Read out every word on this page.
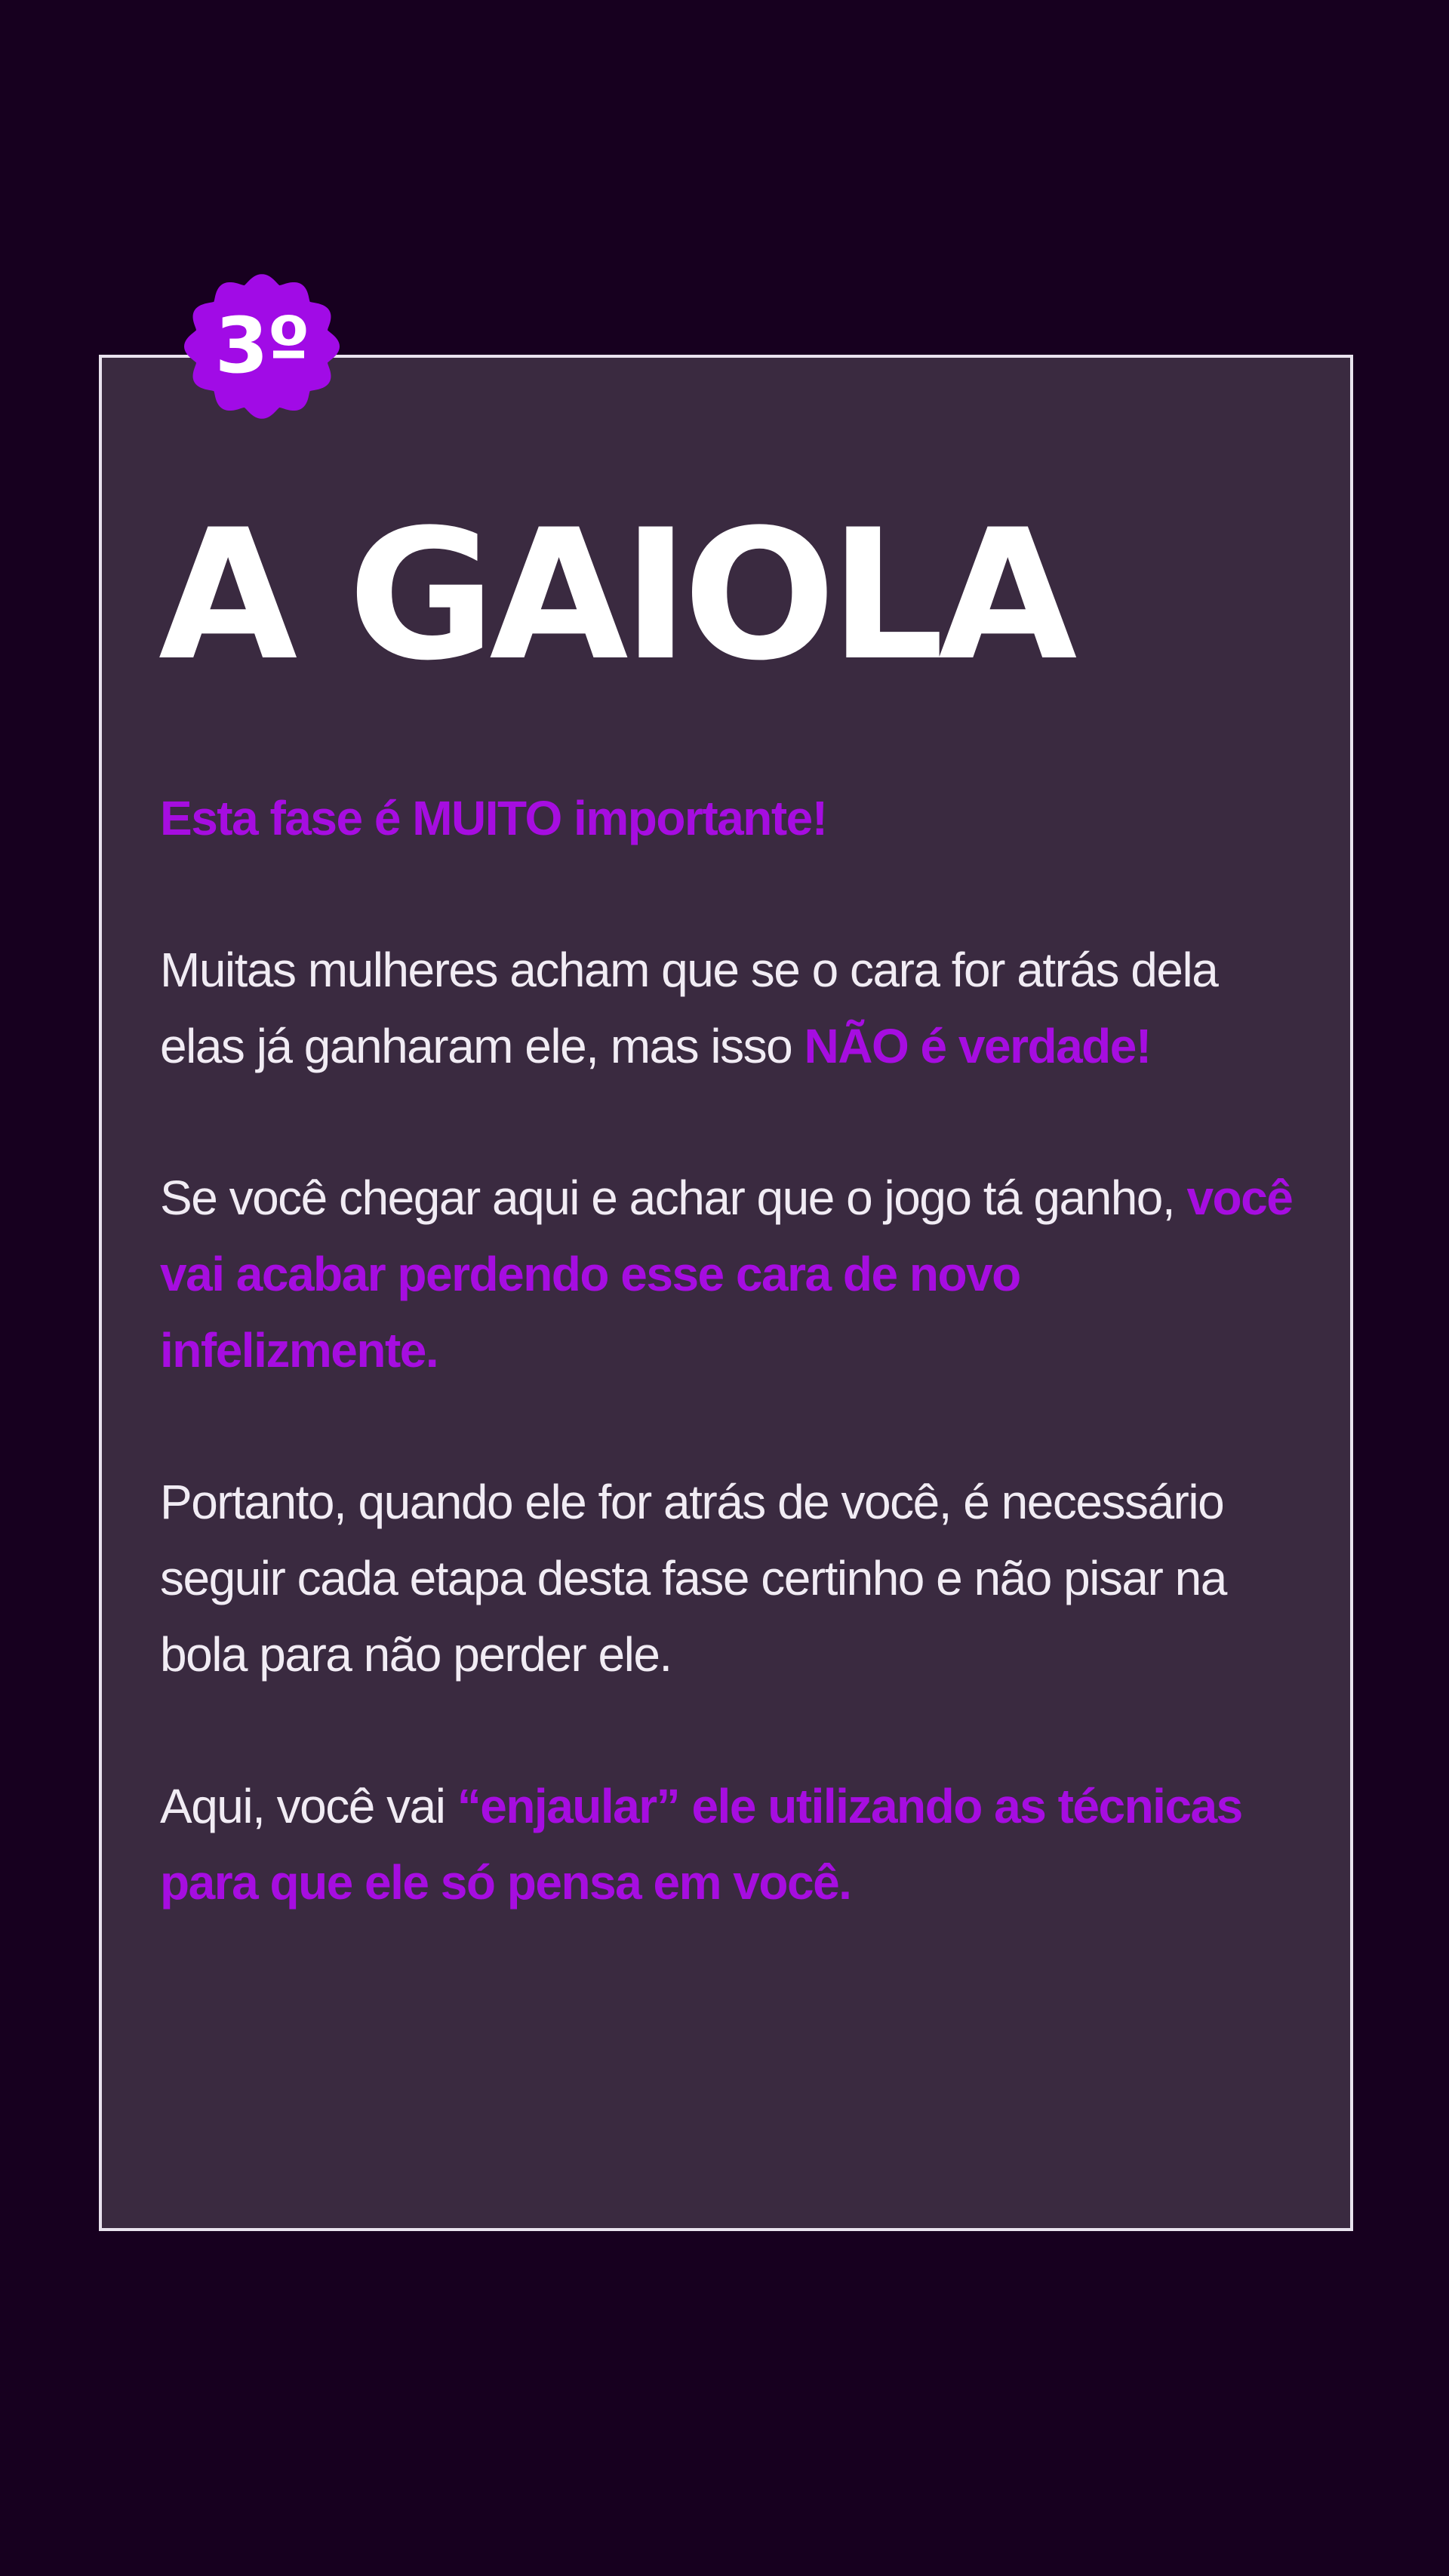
3º
A GAIOLA

Esta fase é MUITO importante!

Muitas mulheres acham que se o cara for atrás dela elas já ganharam ele, mas isso NÃO é verdade!

Se você chegar aqui e achar que o jogo tá ganho, você vai acabar perdendo esse cara de novo infelizmente.

Portanto, quando ele for atrás de você, é necessário seguir cada etapa desta fase certinho e não pisar na bola para não perder ele.

Aqui, você vai “enjaular” ele utilizando as técnicas para que ele só pensa em você.
